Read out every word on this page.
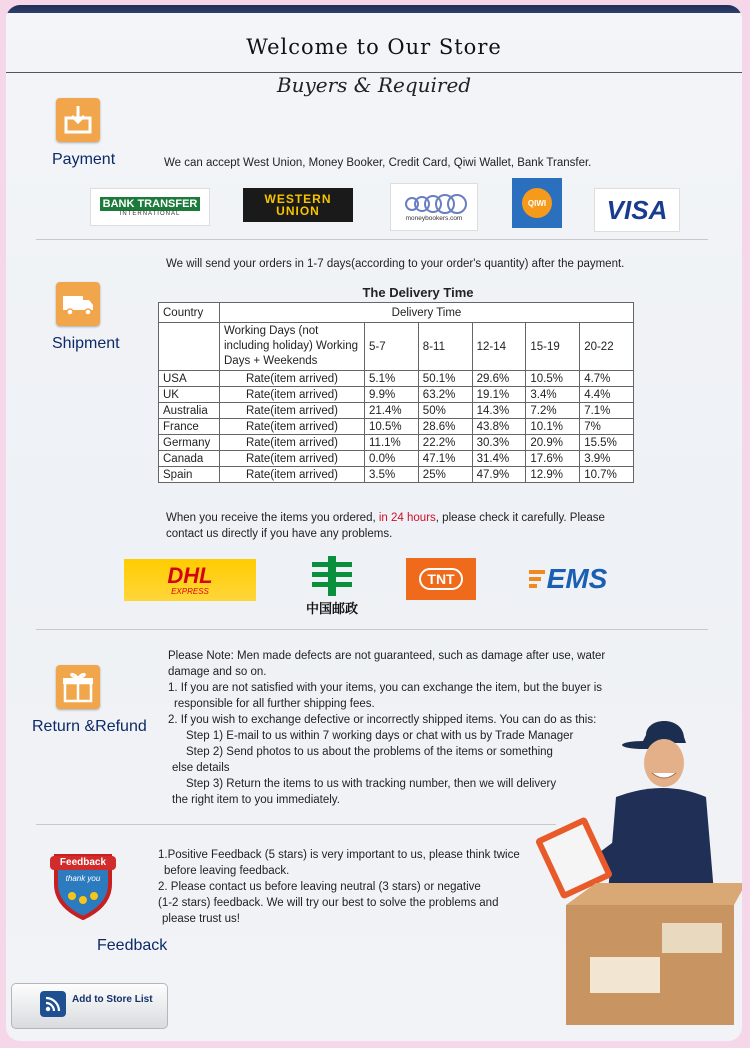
Welcome to Our Store
Buyers & Required
Payment	We can accept West Union, Money Booker, Credit Card, Qiwi Wallet, Bank Transfer.
BANK TRANSFER
INTERNATIONAL
WESTERN
UNION	moneybookers.com
QIWI VISA
We will send your orders in 1-7 days(according to your order's quantity) after the payment.
Shipment
The Delivery Time
Country	Delivery Time					
	Working Days (not including holiday) Working Days + Weekends	5-7	8-11	12-14	15-19	20-22
USA	Rate(item arrived)	5.1%	50.1%	29.6%	10.5%	4.7%
UK	Rate(item arrived)	9.9%	63.2%	19.1%	3.4%	4.4%
Australia	Rate(item arrived)	21.4%	50%	14.3%	7.2%	7.1%
France	Rate(item arrived)	10.5%	28.6%	43.8%	10.1%	7%
Germany	Rate(item arrived)	11.1%	22.2%	30.3%	20.9%	15.5%
Canada	Rate(item arrived)	0.0%	47.1%	31.4%	17.6%	3.9%
Spain	Rate(item arrived)	3.5%	25%	47.9%	12.9%	10.7%
When you receive the items you ordered, in 24 hours, please check it carefully. Please
contact us directly if you have any problems.
DHL
EXPRESS
中国邮政
TNT	EMS
Return &Refund
Please Note: Men made defects are not guaranteed, such as damage after use, water
damage and so on.
1. If you are not satisfied with your items, you can exchange the item, but the buyer is
responsible for all further shipping fees.
2. If you wish to exchange defective or incorrectly shipped items. You can do as this:
Step 1) E-mail to us within 7 working days or chat with us by Trade Manager
Step 2) Send photos to us about the problems of the items or something
else details
Step 3) Return the items to us with tracking number, then we will delivery
the right item to you immediately.
Feedback
thank you
Feedback
1.Positive Feedback (5 stars) is very important to us, please think twice
before leaving feedback.
2. Please contact us before leaving neutral (3 stars) or negative
(1-2 stars) feedback. We will try our best to solve the problems and
please trust us!
Add to Store List
